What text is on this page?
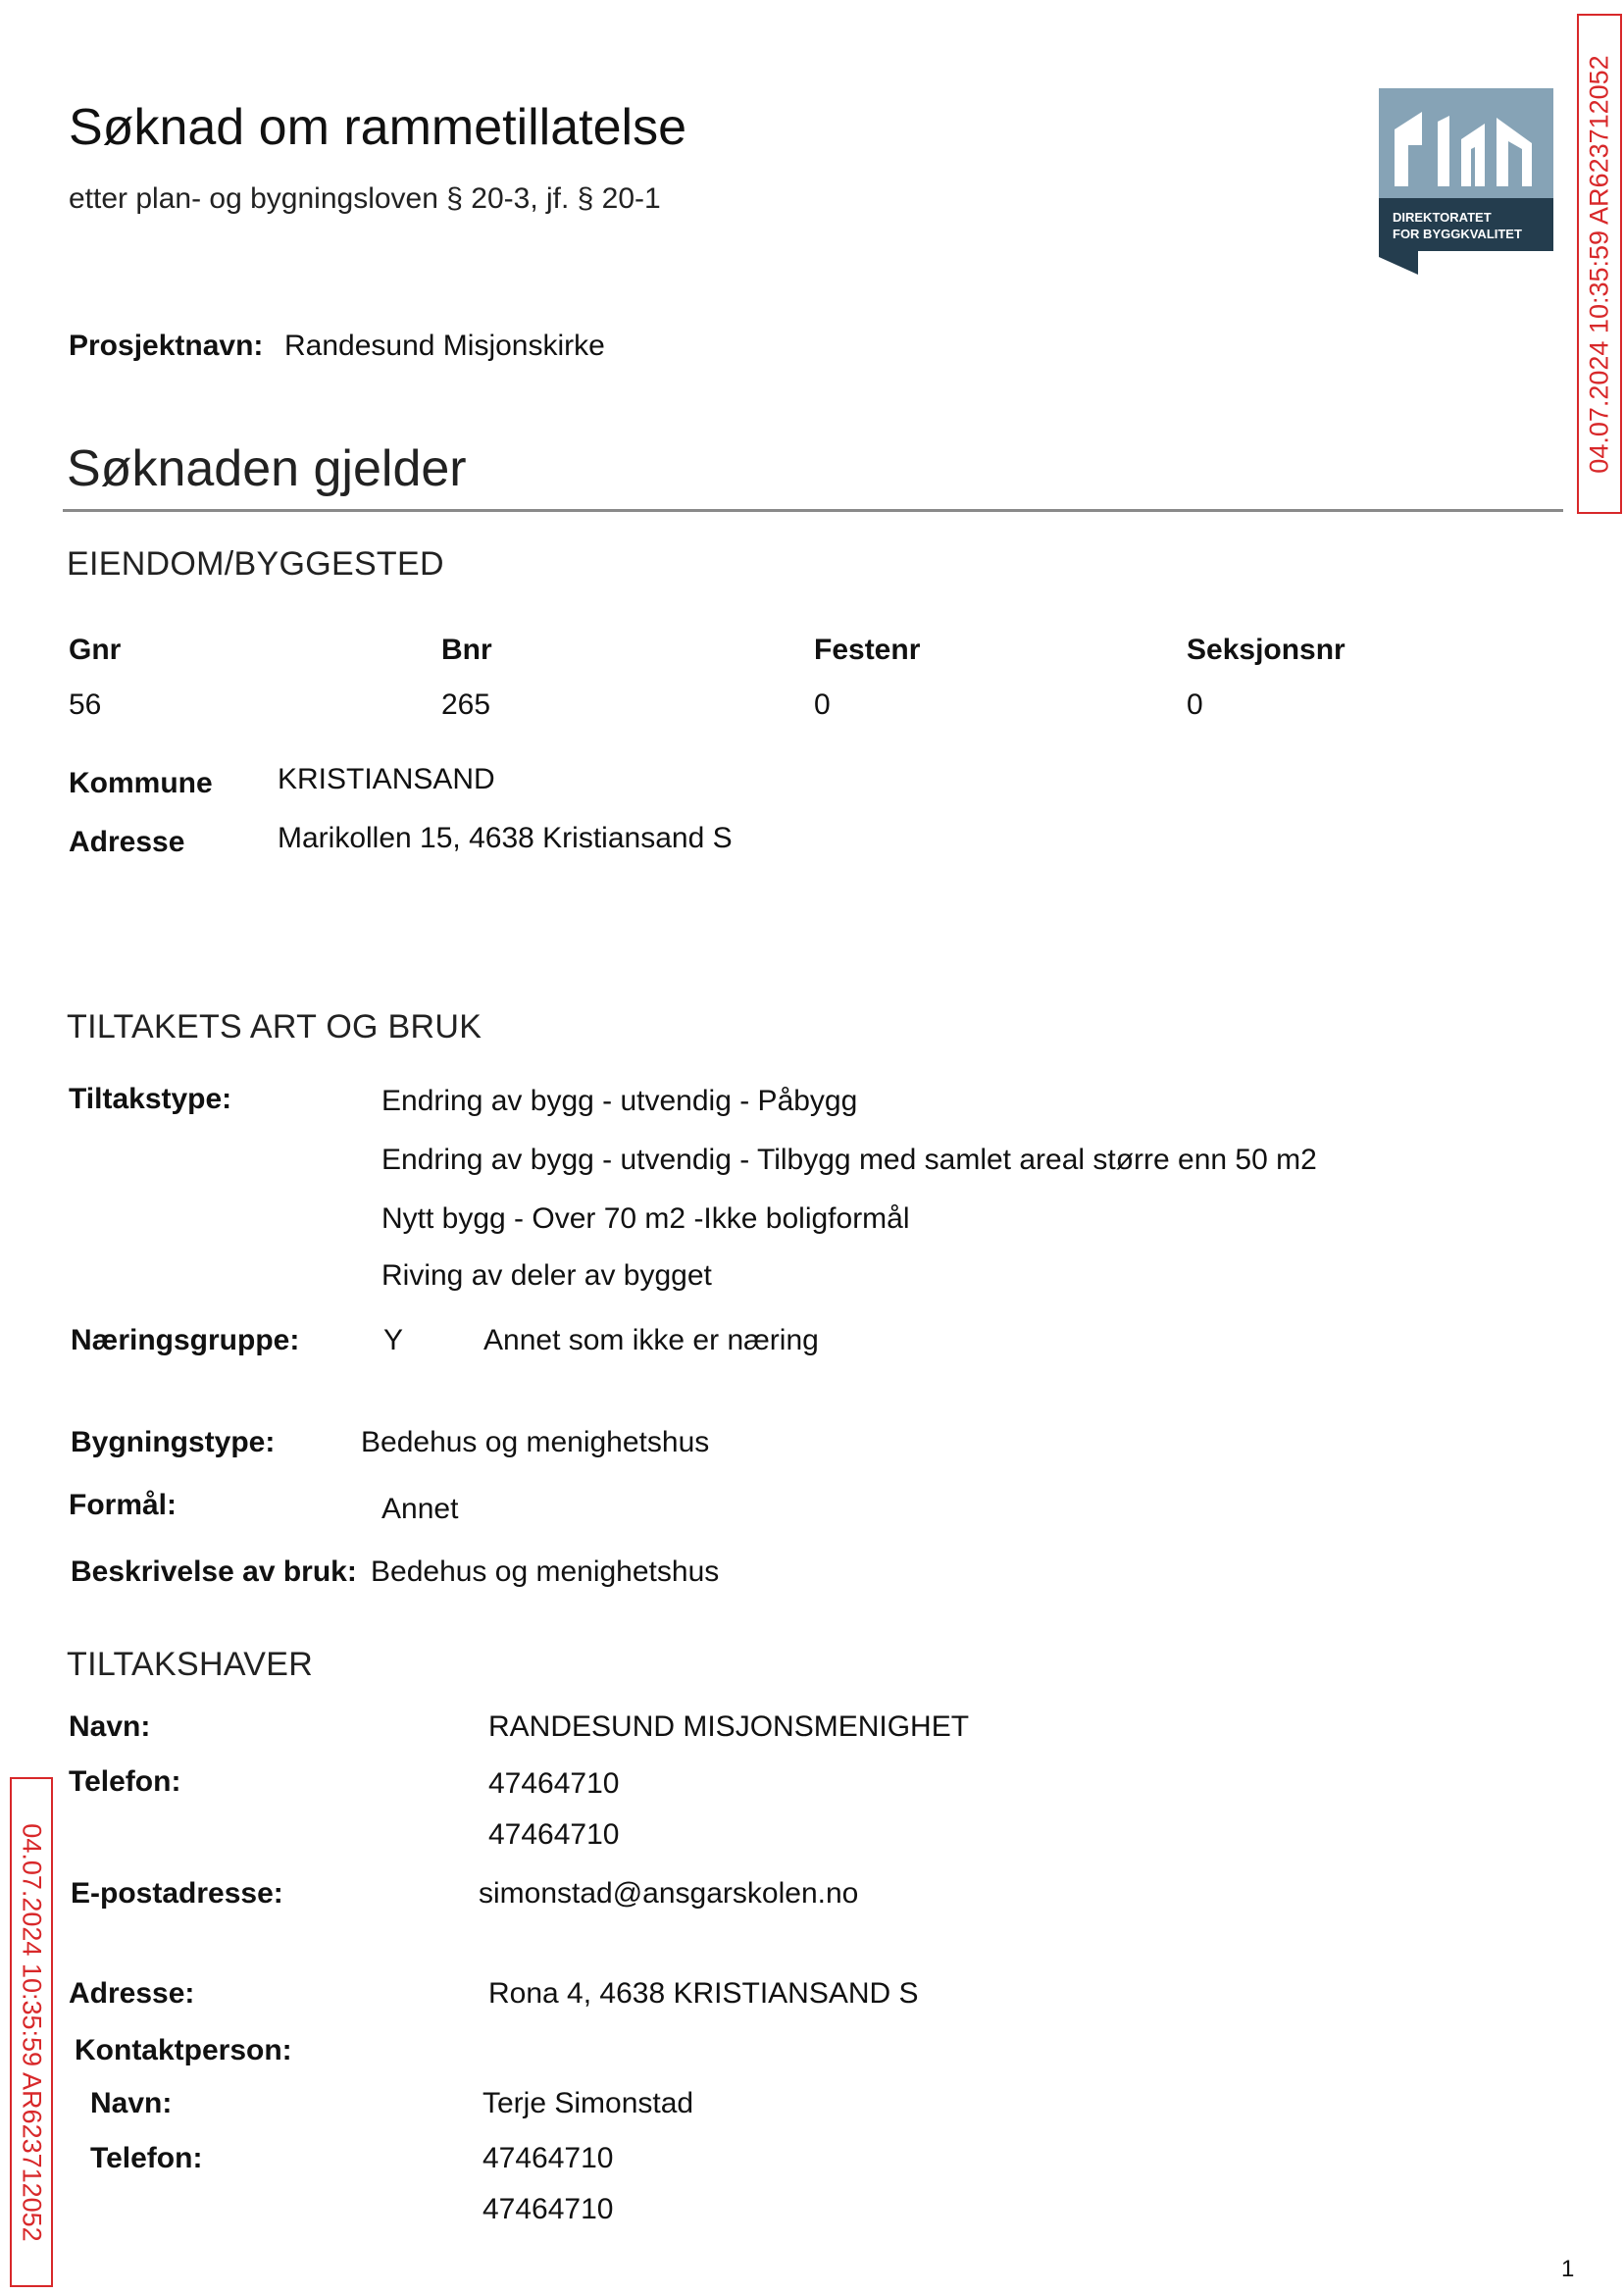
Søknad om rammetillatelse
etter plan- og bygningsloven § 20-3, jf. § 20-1
DIREKTORATET
FOR BYGGKVALITET 04.07.2024 10:35:59 AR623712052
04.07.2024 10:35:59 AR623712052
Prosjektnavn: Randesund Misjonskirke
Søknaden gjelder
EIENDOM/BYGGESTED
Gnr	Bnr	Festenr	Seksjonsnr
56	265	0	0
Kommune KRISTIANSAND
Adresse	Marikollen 15, 4638 Kristiansand S
TILTAKETS ART OG BRUK
Tiltakstype:	Endring av bygg - utvendig - Påbygg
Endring av bygg - utvendig - Tilbygg med samlet areal større enn 50 m2
Nytt bygg - Over 70 m2 -Ikke boligformål
Riving av deler av bygget
Næringsgruppe:	Y	Annet som ikke er næring
Bygningstype:	Bedehus og menighetshus
Formål:	Annet
Beskrivelse av bruk: Bedehus og menighetshus
TILTAKSHAVER
Navn:	RANDESUND MISJONSMENIGHET
Telefon:	47464710
47464710
E-postadresse:	simonstad@ansgarskolen.no
Adresse:	Rona 4, 4638 KRISTIANSAND S
Kontaktperson:
Navn:	Terje Simonstad
Telefon:	47464710
47464710
1
